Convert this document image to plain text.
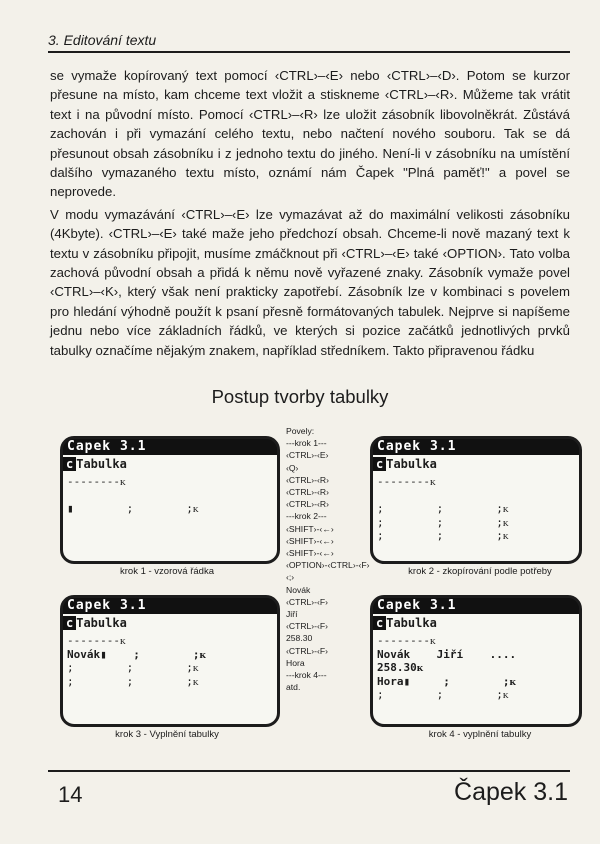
3. Editování textu

se vymaže kopírovaný text pomocí ‹CTRL›–‹E› nebo ‹CTRL›–‹D›. Potom se kurzor přesune na místo, kam chceme text vložit a stiskneme ‹CTRL›–‹R›. Můžeme tak vrátit text i na původní místo. Pomocí ‹CTRL›–‹R› lze uložit zásobník libovolněkrát. Zůstává zachován i při vymazání celého textu, nebo načtení nového souboru. Tak se dá přesunout obsah zásobníku i z jednoho textu do jiného. Není-li v zásobníku na umístění dalšího vymazaného textu místo, oznámí nám Čapek "Plná paměť!" a povel se neprovede.

V modu vymazávání ‹CTRL›–‹E› lze vymazávat až do maximální velikosti zásobníku (4Kbyte). ‹CTRL›–‹E› také maže jeho předchozí obsah. Chceme-li nově mazaný text k textu v zásobníku připojit, musíme zmáčknout při ‹CTRL›–‹E› také ‹OPTION›. Tato volba zachová původní obsah a přidá k němu nově vyřazené znaky. Zásobník vymaže povel ‹CTRL›–‹K›, který však není prakticky zapotřebí. Zásobník lze v kombinaci s povelem pro hledání výhodně použít k psaní přesně formátovaných tabulek. Nejprve si napíšeme jednu nebo více základních řádků, ve kterých si pozice začátků jednotlivých prvků tabulky označíme nějakým znakem, například středníkem. Takto připravenou řádku

Postup tvorby tabulky
Čapek 3.1
c Tabulka
--------ᴋ
▮        ;        ;ᴋ
krok 1 - vzorová řádka
Čapek 3.1
c Tabulka
--------ᴋ
;        ;        ;ᴋ
;        ;        ;ᴋ
;        ;        ;ᴋ
krok 2 - zkopírování podle potřeby
Povely:
---krok 1---
‹CTRL›-‹E›
‹Q›
‹CTRL›-‹R›
‹CTRL›-‹R›
‹CTRL›-‹R›
---krok 2---
‹SHIFT›-‹←›
‹SHIFT›-‹←›
‹SHIFT›-‹←›
‹OPTION›-‹CTRL›-‹F›
‹;›
Novák
‹CTRL›-‹F›
Jiří
‹CTRL›-‹F›
258.30
‹CTRL›-‹F›
Hora
---krok 4---
atd.
Čapek 3.1
c Tabulka
--------ᴋ
Novák▮    ;        ;ᴋ
;        ;        ;ᴋ
;        ;        ;ᴋ
krok 3 - Vyplnění tabulky
Čapek 3.1
c Tabulka
--------ᴋ
Novák    Jiří    ....
258.30ᴋ
Hora▮     ;        ;ᴋ
;        ;        ;ᴋ
krok 4 - vyplnění tabulky
14	Čapek 3.1
